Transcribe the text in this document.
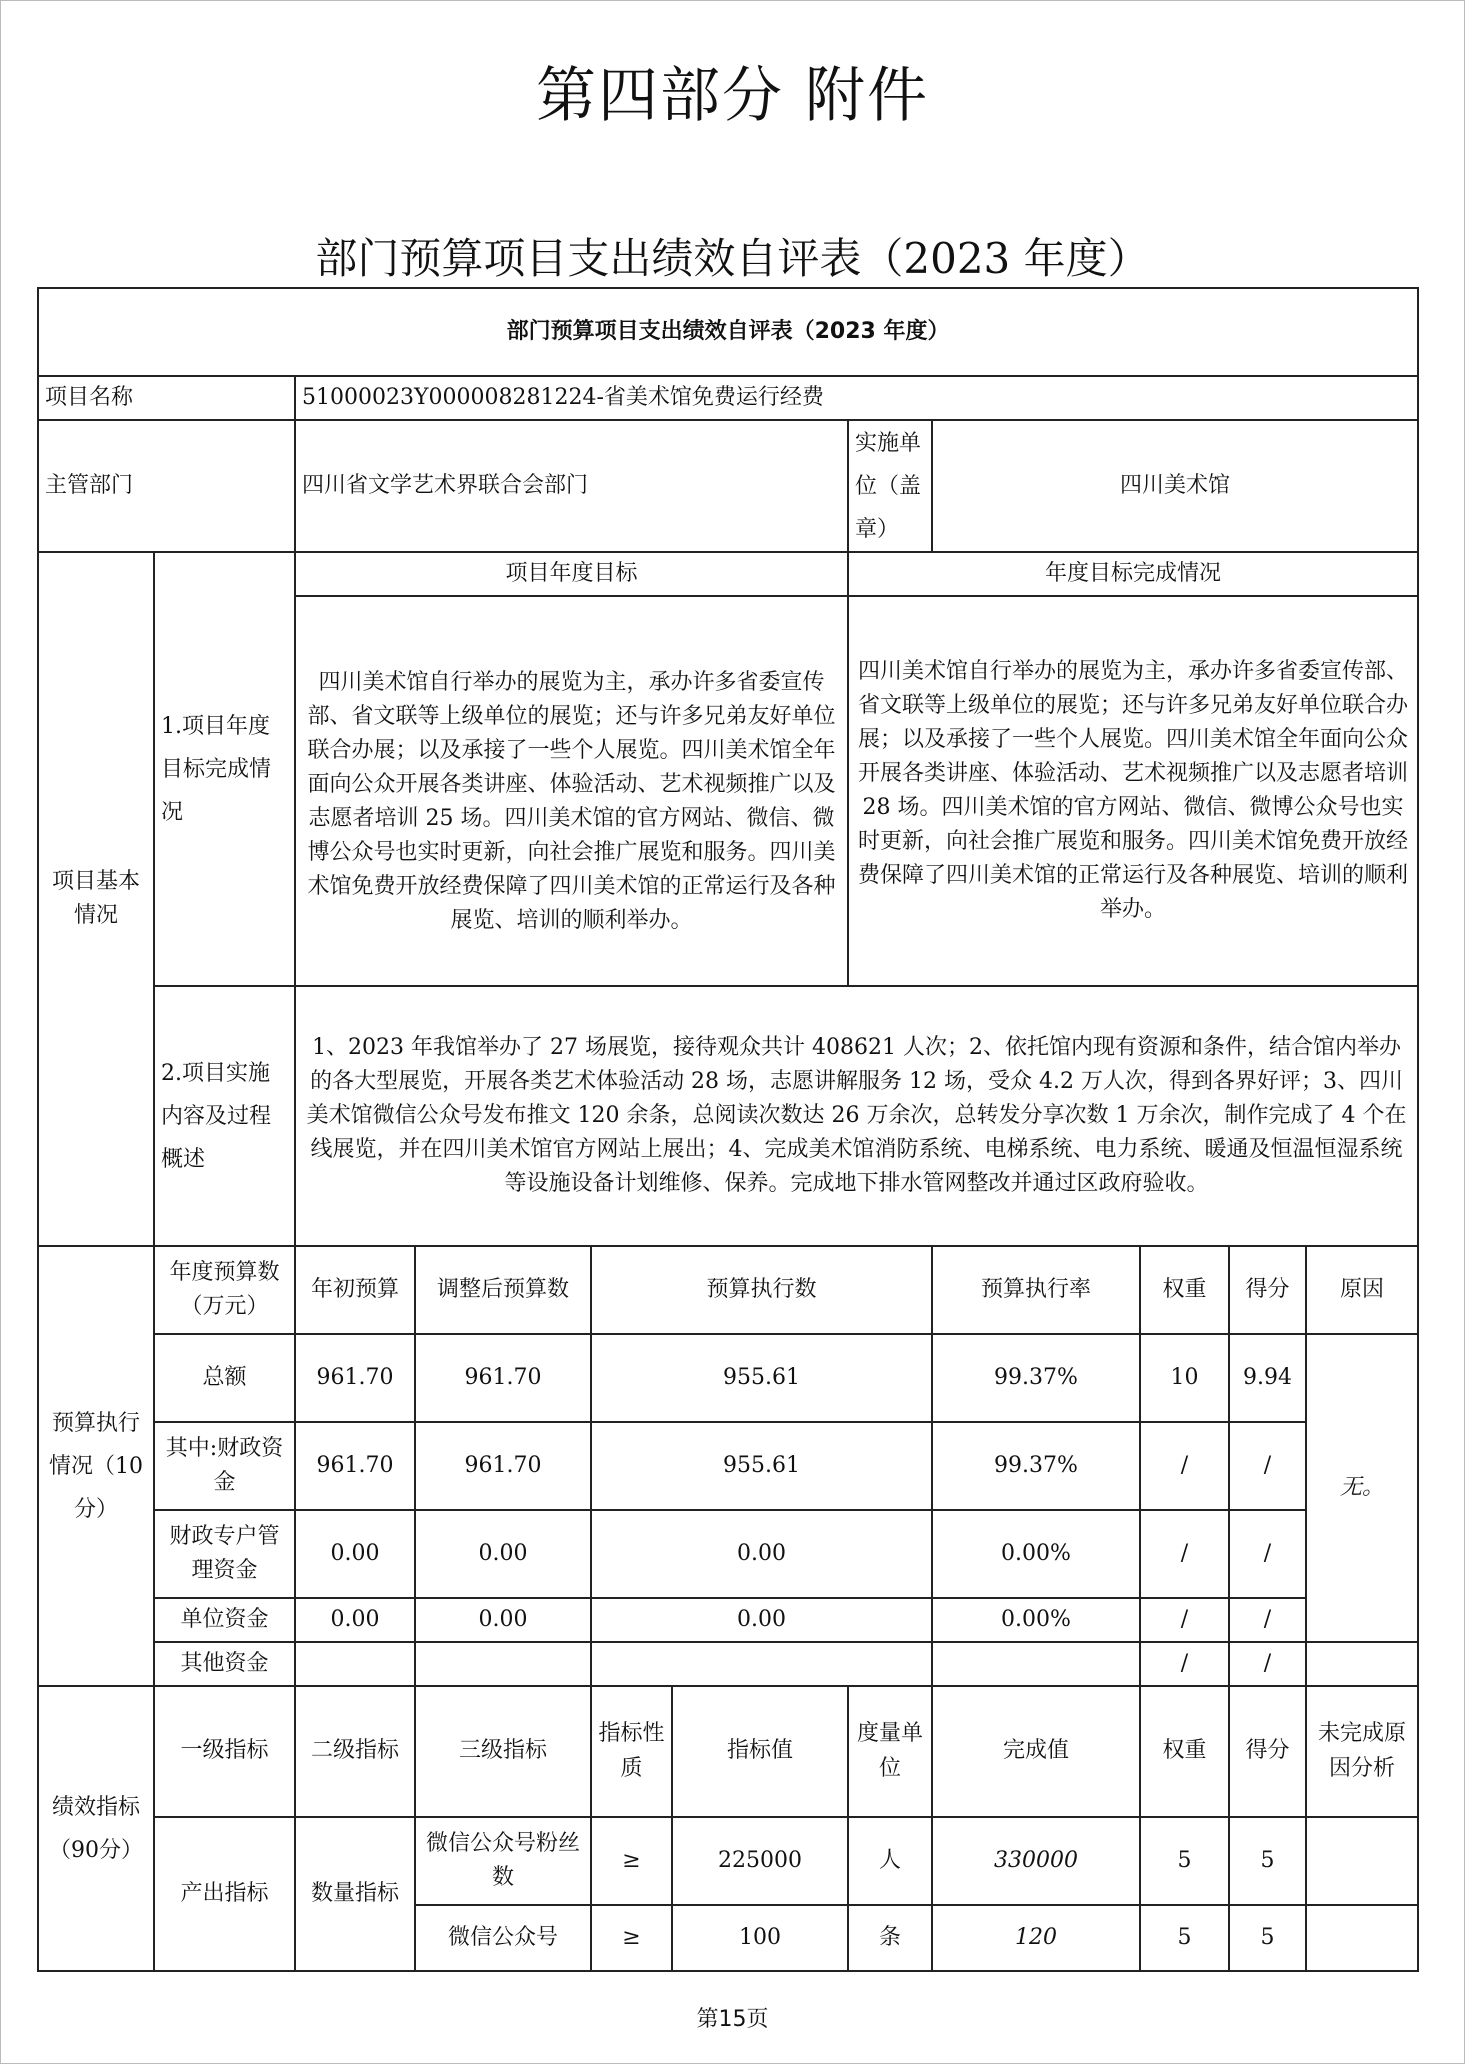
第四部分 附件
部门预算项目支出绩效自评表（2023 年度）
部门预算项目支出绩效自评表（2023 年度）										
项目名称		51000023Y000008281224-省美术馆免费运行经费								
主管部门		四川省文学艺术界联合会部门				实施单位（盖章）	四川美术馆			
项目基本情况	1.项目年度目标完成情况	项目年度目标				年度目标完成情况				
		四川美术馆自行举办的展览为主，承办许多省委宣传部、省文联等上级单位的展览；还与许多兄弟友好单位联合办展；以及承接了一些个人展览。四川美术馆全年面向公众开展各类讲座、体验活动、艺术视频推广以及志愿者培训 25 场。四川美术馆的官方网站、微信、微博公众号也实时更新，向社会推广展览和服务。四川美术馆免费开放经费保障了四川美术馆的正常运行及各种展览、培训的顺利举办。				四川美术馆自行举办的展览为主，承办许多省委宣传部、省文联等上级单位的展览；还与许多兄弟友好单位联合办展；以及承接了一些个人展览。四川美术馆全年面向公众开展各类讲座、体验活动、艺术视频推广以及志愿者培训 28 场。四川美术馆的官方网站、微信、微博公众号也实时更新，向社会推广展览和服务。四川美术馆免费开放经费保障了四川美术馆的正常运行及各种展览、培训的顺利举办。				
	2.项目实施内容及过程概述	1、2023 年我馆举办了 27 场展览，接待观众共计 408621 人次；2、依托馆内现有资源和条件，结合馆内举办的各大型展览，开展各类艺术体验活动 28 场，志愿讲解服务 12 场，受众 4.2 万人次，得到各界好评；3、四川美术馆微信公众号发布推文 120 余条，总阅读次数达 26 万余次，总转发分享次数 1 万余次，制作完成了 4 个在线展览，并在四川美术馆官方网站上展出；4、完成美术馆消防系统、电梯系统、电力系统、暖通及恒温恒湿系统等设施设备计划维修、保养。完成地下排水管网整改并通过区政府验收。								
预算执行情况（10分）	年度预算数（万元）	年初预算	调整后预算数	预算执行数			预算执行率	权重	得分	原因
	总额	961.70	961.70	955.61			99.37%	10	9.94	无。
	其中:财政资金	961.70	961.70	955.61			99.37%	/	/	
	财政专户管理资金	0.00	0.00	0.00			0.00%	/	/	
	单位资金	0.00	0.00	0.00			0.00%	/	/	
	其他资金							/	/	
绩效指标（90分）	一级指标	二级指标	三级指标	指标性质	指标值	度量单位	完成值	权重	得分	未完成原因分析
	产出指标	数量指标	微信公众号粉丝数	≥	225000	人	330000	5	5	
			微信公众号	≥	100	条	120	5	5	
第15页
